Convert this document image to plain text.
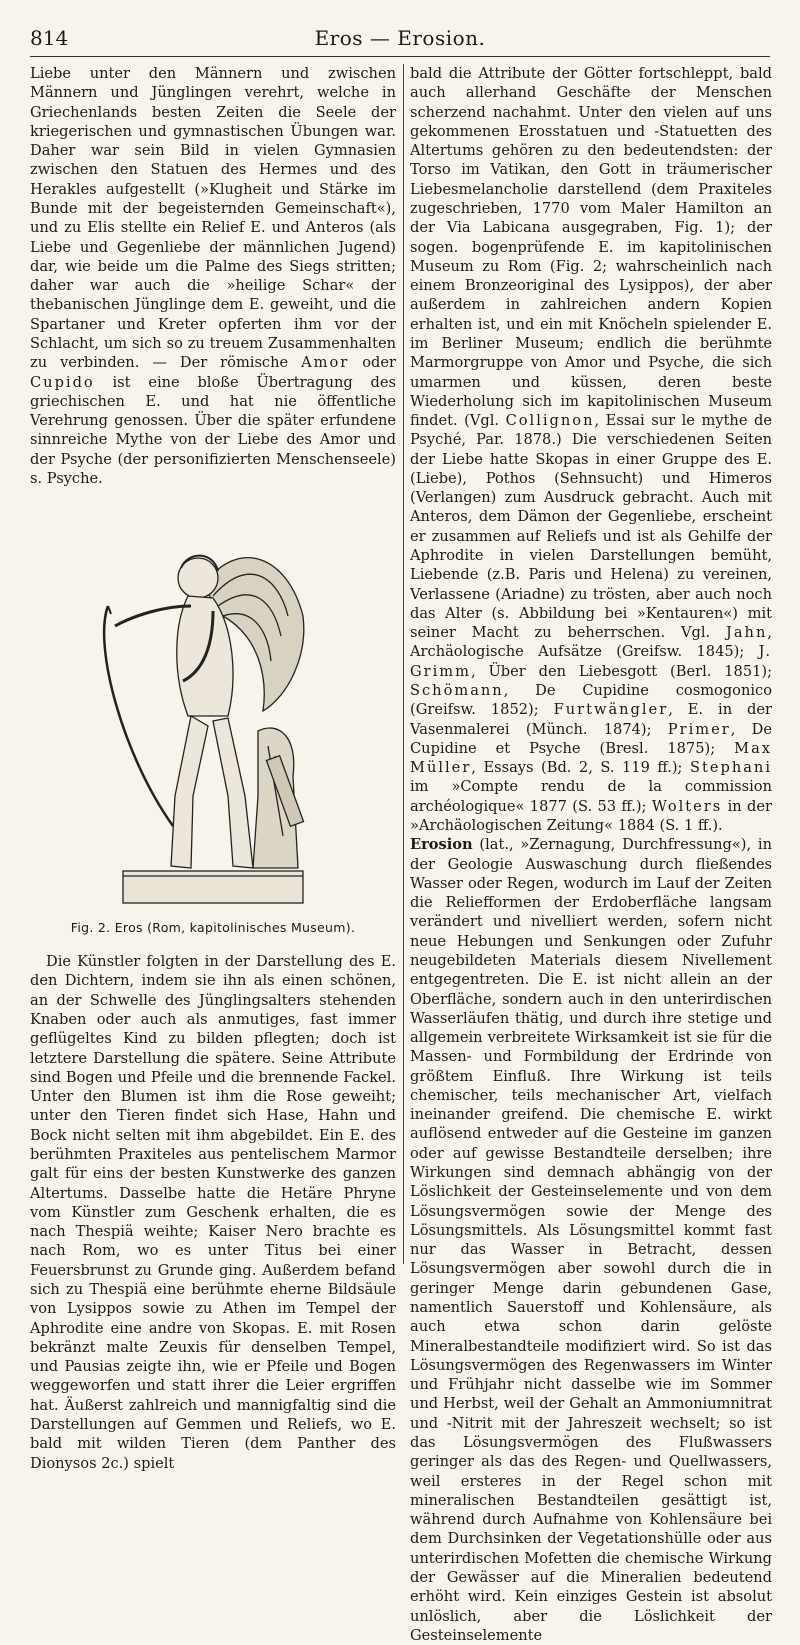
814	Eros — Erosion.

Liebe unter den Männern und zwischen Männern und Jünglingen verehrt, welche in Griechenlands besten Zeiten die Seele der kriegerischen und gymnastischen Übungen war. Daher war sein Bild in vielen Gymnasien zwischen den Statuen des Hermes und des Herakles aufgestellt (»Klugheit und Stärke im Bunde mit der begeisternden Gemeinschaft«), und zu Elis stellte ein Relief E. und Anteros (als Liebe und Gegenliebe der männlichen Jugend) dar, wie beide um die Palme des Siegs stritten; daher war auch die »heilige Schar« der thebanischen Jünglinge dem E. geweiht, und die Spartaner und Kreter opferten ihm vor der Schlacht, um sich so zu treuem Zusammenhalten zu verbinden. — Der römische Amor oder Cupido ist eine bloße Übertragung des griechischen E. und hat nie öffentliche Verehrung genossen. Über die später erfundene sinnreiche Mythe von der Liebe des Amor und der Psyche (der personifizierten Menschenseele) s. Psyche.

Fig. 2. Eros (Rom, kapitolinisches Museum).

Die Künstler folgten in der Darstellung des E. den Dichtern, indem sie ihn als einen schönen, an der Schwelle des Jünglingsalters stehenden Knaben oder auch als anmutiges, fast immer geflügeltes Kind zu bilden pflegten; doch ist letztere Darstellung die spätere. Seine Attribute sind Bogen und Pfeile und die brennende Fackel. Unter den Blumen ist ihm die Rose geweiht; unter den Tieren findet sich Hase, Hahn und Bock nicht selten mit ihm abgebildet. Ein E. des berühmten Praxiteles aus pentelischem Marmor galt für eins der besten Kunstwerke des ganzen Altertums. Dasselbe hatte die Hetäre Phryne vom Künstler zum Geschenk erhalten, die es nach Thespiä weihte; Kaiser Nero brachte es nach Rom, wo es unter Titus bei einer Feuersbrunst zu Grunde ging. Außerdem befand sich zu Thespiä eine berühmte eherne Bildsäule von Lysippos sowie zu Athen im Tempel der Aphrodite eine andre von Skopas. E. mit Rosen bekränzt malte Zeuxis für denselben Tempel, und Pausias zeigte ihn, wie er Pfeile und Bogen weggeworfen und statt ihrer die Leier ergriffen hat. Äußerst zahlreich und mannigfaltig sind die Darstellungen auf Gemmen und Reliefs, wo E. bald mit wilden Tieren (dem Panther des Dionysos 2c.) spielt

bald die Attribute der Götter fortschleppt, bald auch allerhand Geschäfte der Menschen scherzend nachahmt. Unter den vielen auf uns gekommenen Erosstatuen und -Statuetten des Altertums gehören zu den bedeutendsten: der Torso im Vatikan, den Gott in träumerischer Liebesmelancholie darstellend (dem Praxiteles zugeschrieben, 1770 vom Maler Hamilton an der Via Labicana ausgegraben, Fig. 1); der sogen. bogenprüfende E. im kapitolinischen Museum zu Rom (Fig. 2; wahrscheinlich nach einem Bronzeoriginal des Lysippos), der aber außerdem in zahlreichen andern Kopien erhalten ist, und ein mit Knöcheln spielender E. im Berliner Museum; endlich die berühmte Marmorgruppe von Amor und Psyche, die sich umarmen und küssen, deren beste Wiederholung sich im kapitolinischen Museum findet. (Vgl. Collignon, Essai sur le mythe de Psyché, Par. 1878.) Die verschiedenen Seiten der Liebe hatte Skopas in einer Gruppe des E. (Liebe), Pothos (Sehnsucht) und Himeros (Verlangen) zum Ausdruck gebracht. Auch mit Anteros, dem Dämon der Gegenliebe, erscheint er zusammen auf Reliefs und ist als Gehilfe der Aphrodite in vielen Darstellungen bemüht, Liebende (z.B. Paris und Helena) zu vereinen, Verlassene (Ariadne) zu trösten, aber auch noch das Alter (s. Abbildung bei »Kentauren«) mit seiner Macht zu beherrschen. Vgl. Jahn, Archäologische Aufsätze (Greifsw. 1845); J. Grimm, Über den Liebesgott (Berl. 1851); Schömann, De Cupidine cosmogonico (Greifsw. 1852); Furtwängler, E. in der Vasenmalerei (Münch. 1874); Primer, De Cupidine et Psyche (Bresl. 1875); Max Müller, Essays (Bd. 2, S. 119 ff.); Stephani im »Compte rendu de la commission archéologique« 1877 (S. 53 ff.); Wolters in der »Archäologischen Zeitung« 1884 (S. 1 ff.).

Erosion (lat., »Zernagung, Durchfressung«), in der Geologie Auswaschung durch fließendes Wasser oder Regen, wodurch im Lauf der Zeiten die Reliefformen der Erdoberfläche langsam verändert und nivelliert werden, sofern nicht neue Hebungen und Senkungen oder Zufuhr neugebildeten Materials diesem Nivellement entgegentreten. Die E. ist nicht allein an der Oberfläche, sondern auch in den unterirdischen Wasserläufen thätig, und durch ihre stetige und allgemein verbreitete Wirksamkeit ist sie für die Massen- und Formbildung der Erdrinde von größtem Einfluß. Ihre Wirkung ist teils chemischer, teils mechanischer Art, vielfach ineinander greifend. Die chemische E. wirkt auflösend entweder auf die Gesteine im ganzen oder auf gewisse Bestandteile derselben; ihre Wirkungen sind demnach abhängig von der Löslichkeit der Gesteinselemente und von dem Lösungsvermögen sowie der Menge des Lösungsmittels. Als Lösungsmittel kommt fast nur das Wasser in Betracht, dessen Lösungsvermögen aber sowohl durch die in geringer Menge darin gebundenen Gase, namentlich Sauerstoff und Kohlensäure, als auch etwa schon darin gelöste Mineralbestandteile modifiziert wird. So ist das Lösungsvermögen des Regenwassers im Winter und Frühjahr nicht dasselbe wie im Sommer und Herbst, weil der Gehalt an Ammoniumnitrat und -Nitrit mit der Jahreszeit wechselt; so ist das Lösungsvermögen des Flußwassers geringer als das des Regen- und Quellwassers, weil ersteres in der Regel schon mit mineralischen Bestandteilen gesättigt ist, während durch Aufnahme von Kohlensäure bei dem Durchsinken der Vegetationshülle oder aus unterirdischen Mofetten die chemische Wirkung der Gewässer auf die Mineralien bedeutend erhöht wird. Kein einziges Gestein ist absolut unlöslich, aber die Löslichkeit der Gesteinselemente
